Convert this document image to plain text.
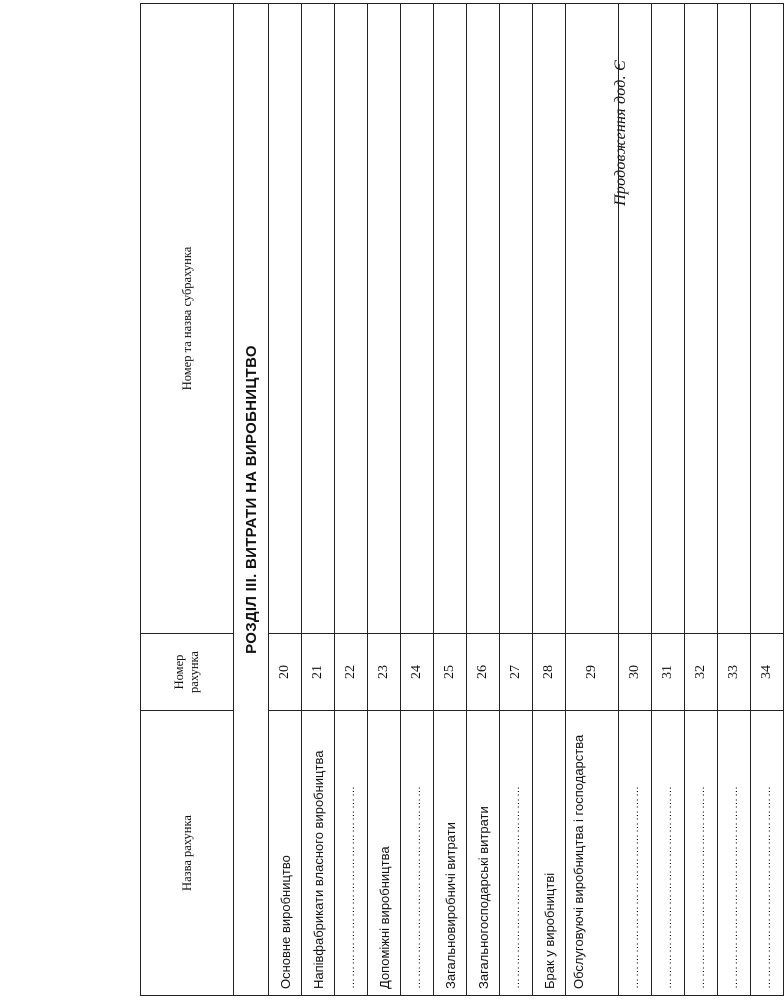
Продовження дод. Є
Назва рахунка	Номер рахунка	Номер та назва субрахунка
РОЗДІЛ ІІІ. ВИТРАТИ НА ВИРОБНИЦТВО		
Основне виробництво	20	
Напівфабрикати власного виробництва	21	
……………………………………………	22	
Допоміжні виробництва	23	
……………………………………………	24	
Загальновиробничі витрати	25	
Загальногосподарські витрати	26	
……………………………………………	27	
Брак у виробництві	28	
Обслуговуючі виробництва і господарства	29	
……………………………………………	30	
……………………………………………	31	
……………………………………………	32	
……………………………………………	33	
……………………………………………	34	
